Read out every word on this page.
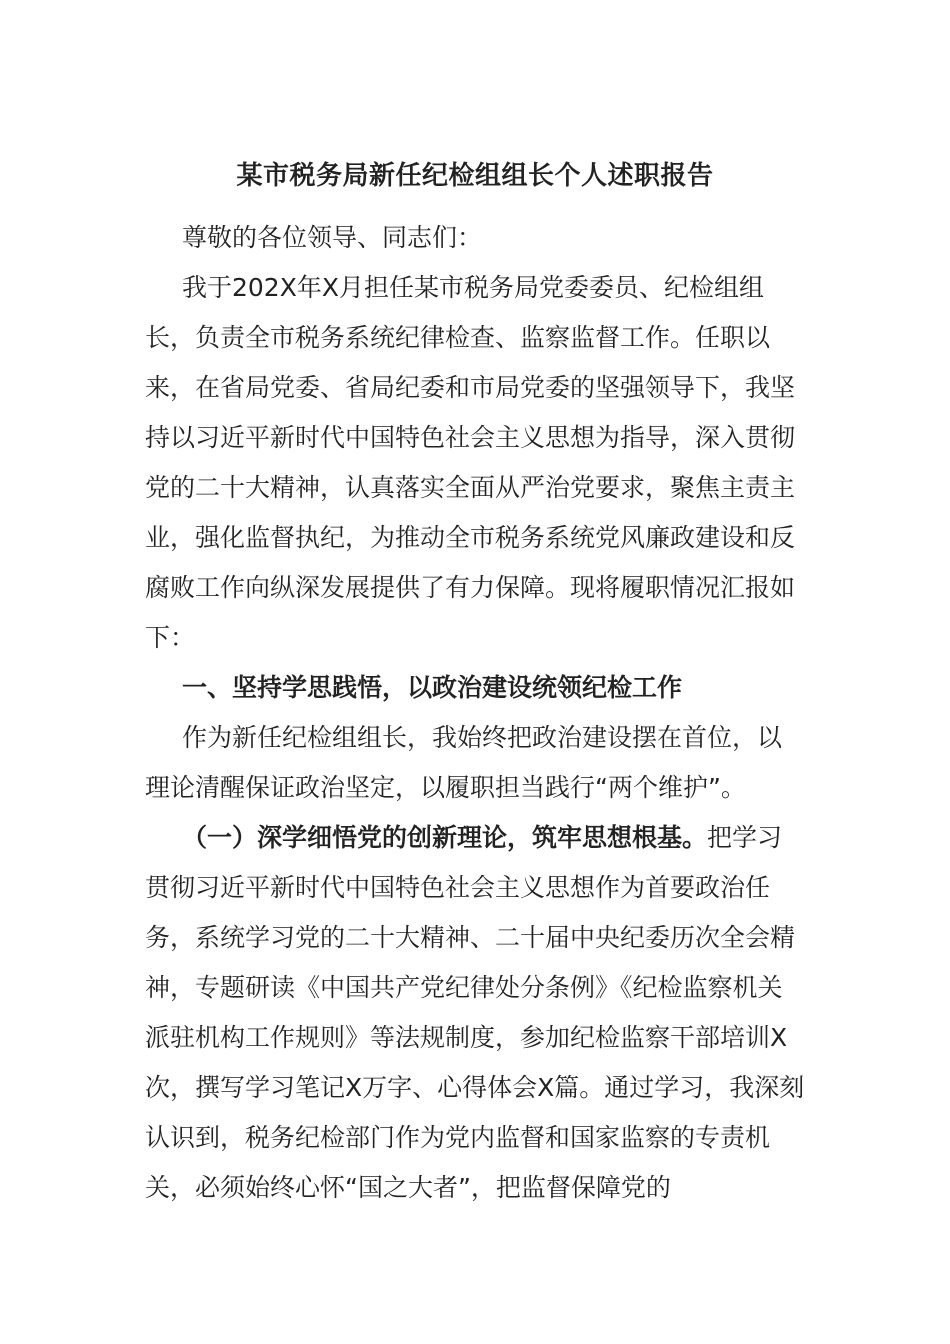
某市税务局新任纪检组组长个人述职报告

尊敬的各位领导、同志们：

我于202X年X月担任某市税务局党委委员、纪检组组长，负责全市税务系统纪律检查、监察监督工作。任职以来，在省局党委、省局纪委和市局党委的坚强领导下，我坚持以习近平新时代中国特色社会主义思想为指导，深入贯彻党的二十大精神，认真落实全面从严治党要求，聚焦主责主业，强化监督执纪，为推动全市税务系统党风廉政建设和反腐败工作向纵深发展提供了有力保障。现将履职情况汇报如下：

一、坚持学思践悟，以政治建设统领纪检工作

作为新任纪检组组长，我始终把政治建设摆在首位，以理论清醒保证政治坚定，以履职担当践行“两个维护”。

（一）深学细悟党的创新理论，筑牢思想根基。把学习贯彻习近平新时代中国特色社会主义思想作为首要政治任务，系统学习党的二十大精神、二十届中央纪委历次全会精神，专题研读《中国共产党纪律处分条例》《纪检监察机关派驻机构工作规则》等法规制度，参加纪检监察干部培训X次，撰写学习笔记X万字、心得体会X篇。通过学习，我深刻认识到，税务纪检部门作为党内监督和国家监察的专责机关，必须始终心怀“国之大者”，把监督保障党的
